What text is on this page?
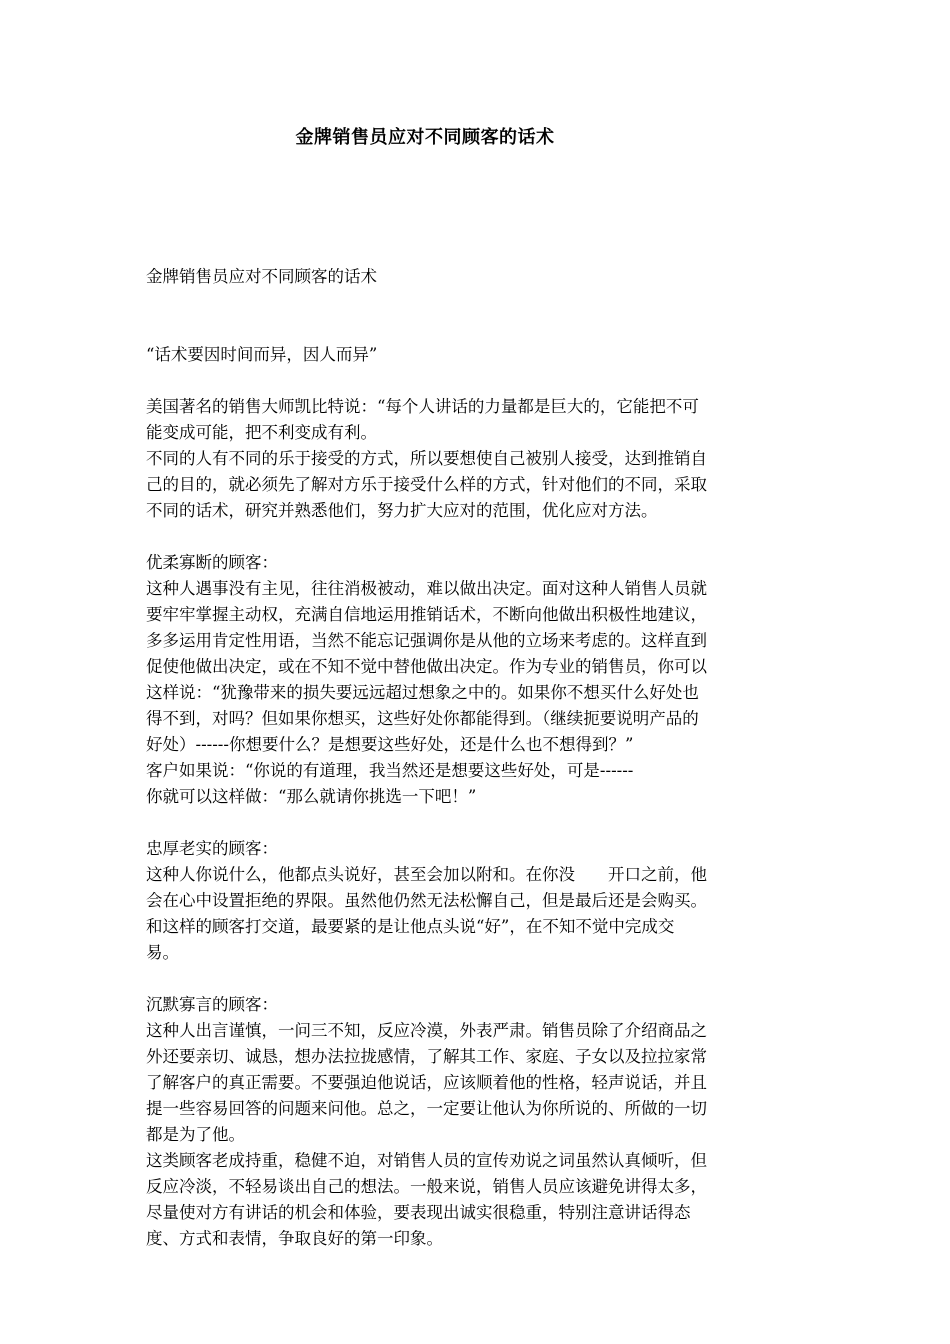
金牌销售员应对不同顾客的话术
金牌销售员应对不同顾客的话术
“话术要因时间而异，因人而异”
美国著名的销售大师凯比特说：“每个人讲话的力量都是巨大的，它能把不可
能变成可能，把不利变成有利。
不同的人有不同的乐于接受的方式，所以要想使自己被别人接受，达到推销自
己的目的，就必须先了解对方乐于接受什么样的方式，针对他们的不同，采取
不同的话术，研究并熟悉他们，努力扩大应对的范围，优化应对方法。
优柔寡断的顾客：
这种人遇事没有主见，往往消极被动，难以做出决定。面对这种人销售人员就
要牢牢掌握主动权，充满自信地运用推销话术，不断向他做出积极性地建议，
多多运用肯定性用语，当然不能忘记强调你是从他的立场来考虑的。这样直到
促使他做出决定，或在不知不觉中替他做出决定。作为专业的销售员，你可以
这样说：“犹豫带来的损失要远远超过想象之中的。如果你不想买什么好处也
得不到，对吗？但如果你想买，这些好处你都能得到。（继续扼要说明产品的
好处）------你想要什么？是想要这些好处，还是什么也不想得到？”
客户如果说：“你说的有道理，我当然还是想要这些好处，可是------
你就可以这样做：“那么就请你挑选一下吧！”
忠厚老实的顾客：
这种人你说什么，他都点头说好，甚至会加以附和。在你没　　开口之前，他
会在心中设置拒绝的界限。虽然他仍然无法松懈自己，但是最后还是会购买。
和这样的顾客打交道，最要紧的是让他点头说“好”，在不知不觉中完成交
易。
沉默寡言的顾客：
这种人出言谨慎，一问三不知，反应冷漠，外表严肃。销售员除了介绍商品之
外还要亲切、诚恳，想办法拉拢感情，了解其工作、家庭、子女以及拉拉家常
了解客户的真正需要。不要强迫他说话，应该顺着他的性格，轻声说话，并且
提一些容易回答的问题来问他。总之，一定要让他认为你所说的、所做的一切
都是为了他。
这类顾客老成持重，稳健不迫，对销售人员的宣传劝说之词虽然认真倾听，但
反应冷淡，不轻易谈出自己的想法。一般来说，销售人员应该避免讲得太多，
尽量使对方有讲话的机会和体验，要表现出诚实很稳重，特别注意讲话得态
度、方式和表情，争取良好的第一印象。
